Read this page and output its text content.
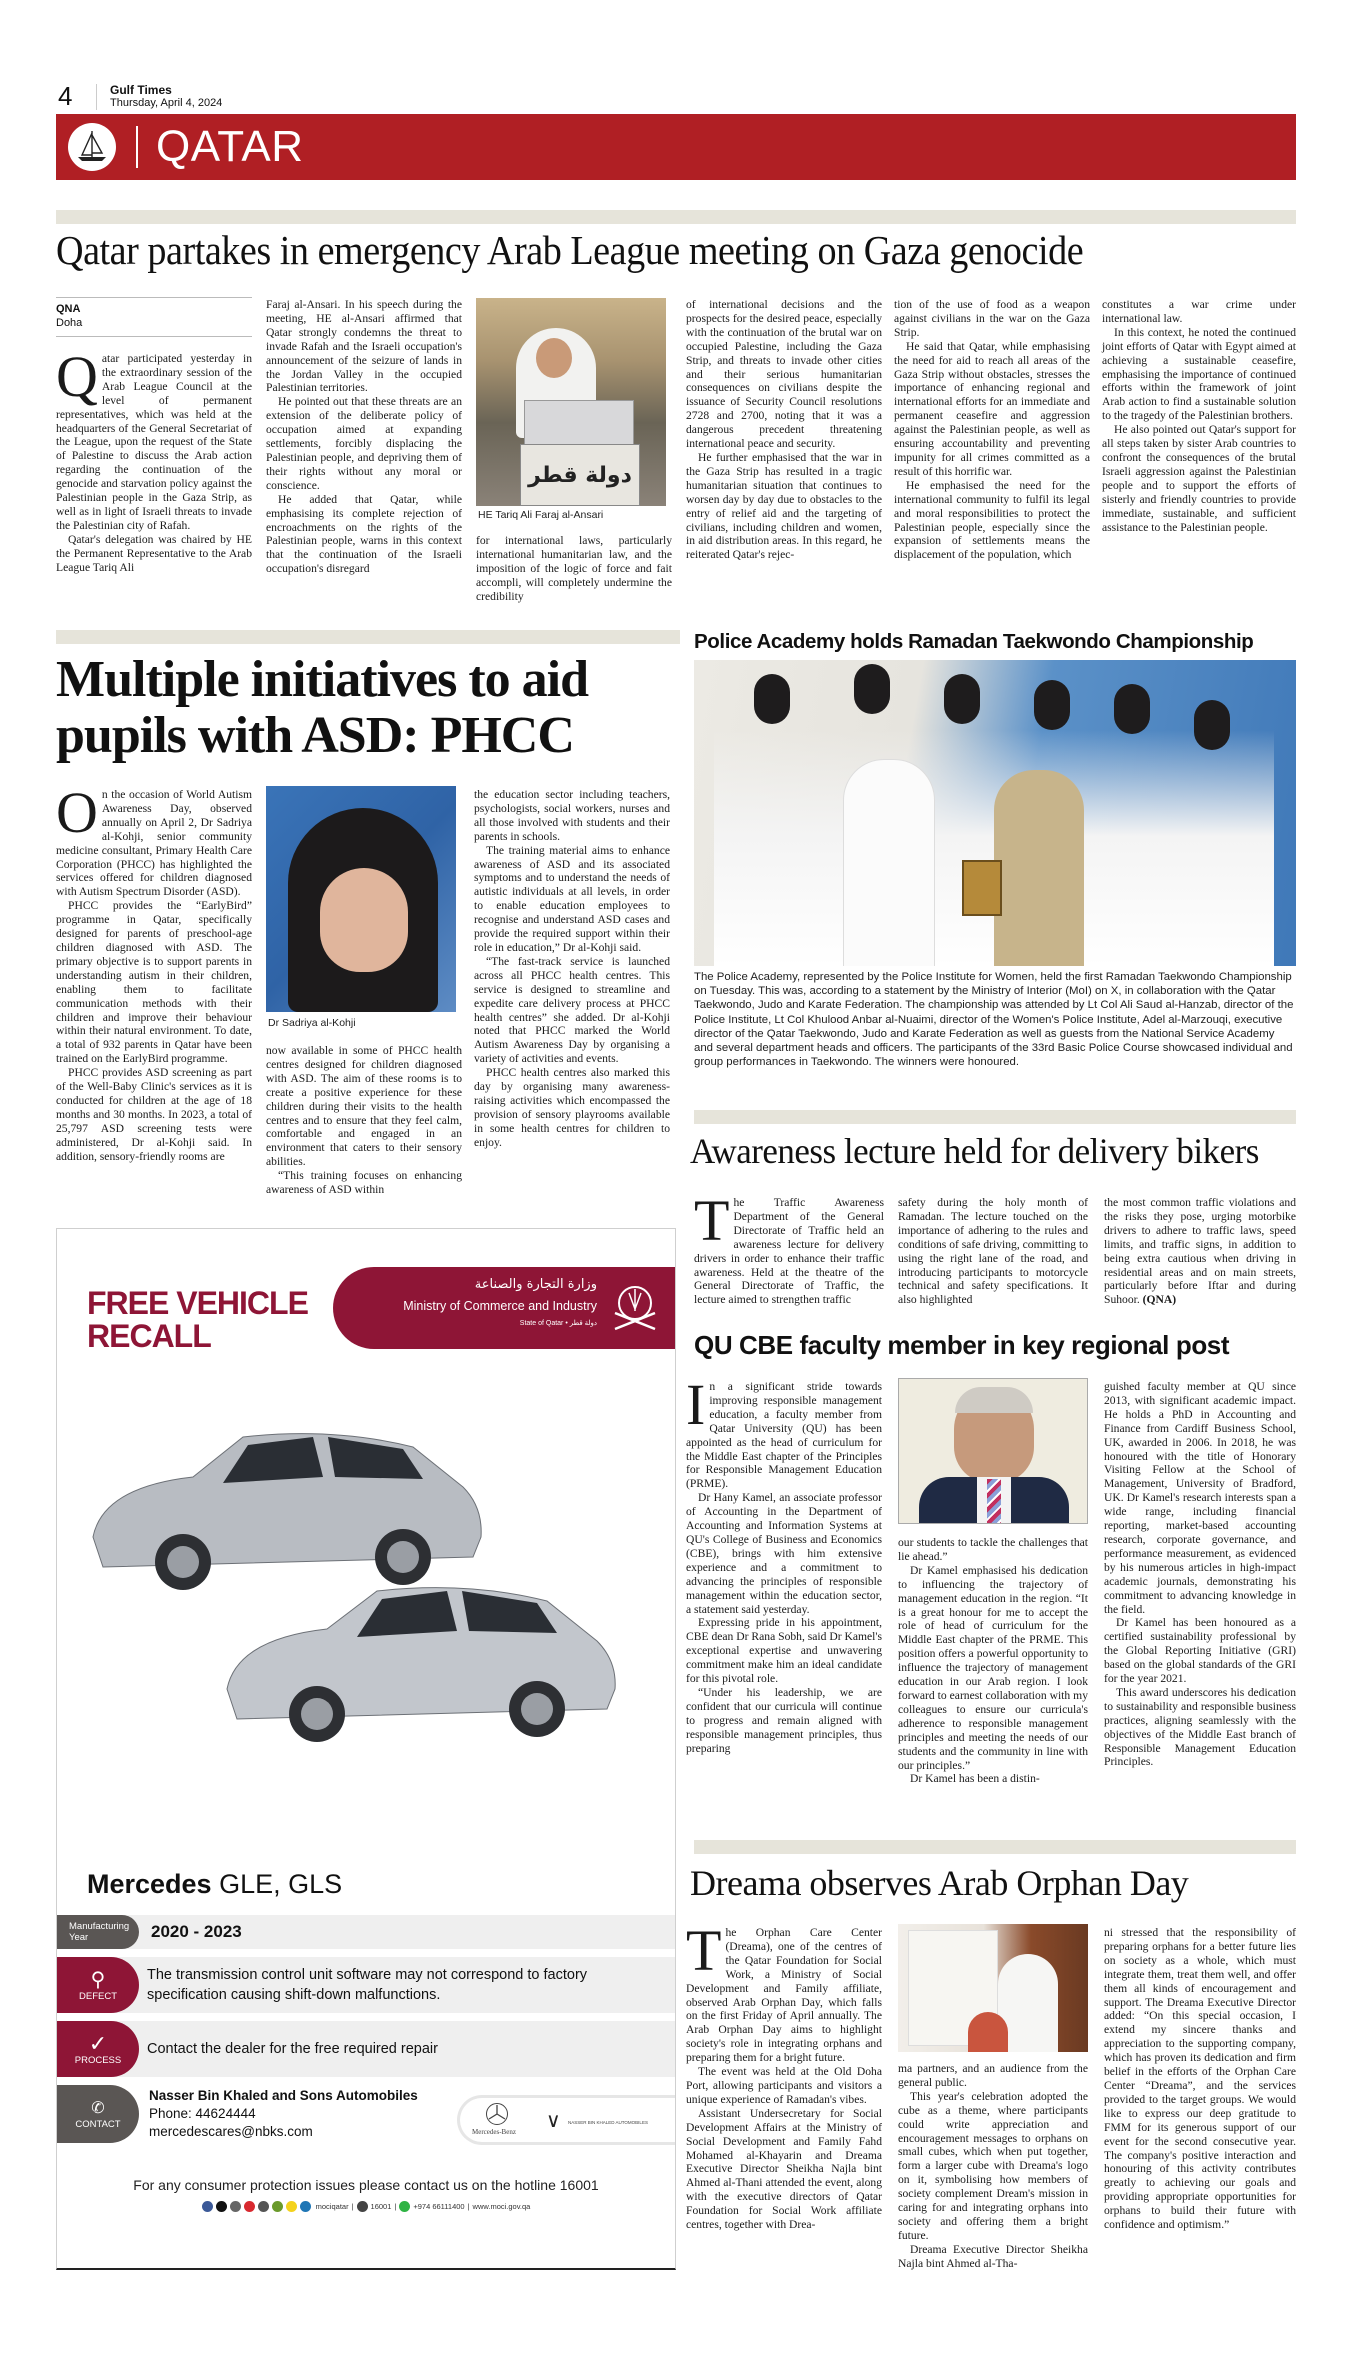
4	Gulf Times
Thursday, April 4, 2024
QATAR
Qatar partakes in emergency Arab League meeting on Gaza genocide
QNA
Doha
Q atar participated yesterday in the extraordinary session of the Arab League Council at the level of permanent representatives, which was held at the headquarters of the General Secretariat of the League, upon the request of the State of Palestine to discuss the Arab action regarding the continuation of the genocide and starvation policy against the Palestinian people in the Gaza Strip, as well as in light of Israeli threats to invade the Palestinian city of Rafah.

Qatar's delegation was chaired by HE the Permanent Representative to the Arab League Tariq Ali

Faraj al-Ansari. In his speech during the meeting, HE al-Ansari affirmed that Qatar strongly condemns the threat to invade Rafah and the Israeli occupation's announcement of the seizure of lands in the Jordan Valley in the occupied Palestinian territories.

He pointed out that these threats are an extension of the deliberate policy of occupation aimed at expanding settlements, forcibly displacing the Palestinian people, and depriving them of their rights without any moral or conscience.

He added that Qatar, while emphasising its complete rejection of encroachments on the rights of the Palestinian people, warns in this context that the continuation of the Israeli occupation's disregard

دولة قطر
HE Tariq Ali Faraj al-Ansari

for international laws, particularly international humanitarian law, and the imposition of the logic of force and fait accompli, will completely undermine the credibility

of international decisions and the prospects for the desired peace, especially with the continuation of the brutal war on occupied Palestine, including the Gaza Strip, and threats to invade other cities and their serious humanitarian consequences on civilians despite the issuance of Security Council resolutions 2728 and 2700, noting that it was a dangerous precedent threatening international peace and security.

He further emphasised that the war in the Gaza Strip has resulted in a tragic humanitarian situation that continues to worsen day by day due to obstacles to the entry of relief aid and the targeting of civilians, including children and women, in aid distribution areas. In this regard, he reiterated Qatar's rejec-

tion of the use of food as a weapon against civilians in the war on the Gaza Strip.

He said that Qatar, while emphasising the need for aid to reach all areas of the Gaza Strip without obstacles, stresses the importance of enhancing regional and international efforts for an immediate and permanent ceasefire and aggression against the Palestinian people, as well as ensuring accountability and preventing impunity for all crimes committed as a result of this horrific war.

He emphasised the need for the international community to fulfil its legal and moral responsibilities to protect the Palestinian people, especially since the expansion of settlements means the displacement of the population, which

constitutes a war crime under international law.

In this context, he noted the continued joint efforts of Qatar with Egypt aimed at achieving a sustainable ceasefire, emphasising the importance of continued efforts within the framework of joint Arab action to find a sustainable solution to the tragedy of the Palestinian brothers.

He also pointed out Qatar's support for all steps taken by sister Arab countries to confront the consequences of the brutal Israeli aggression against the Palestinian people and to support the efforts of sisterly and friendly countries to provide immediate, sustainable, and sufficient assistance to the Palestinian people.

Multiple initiatives to aid
pupils with ASD: PHCC
O n the occasion of World Autism Awareness Day, observed annually on April 2, Dr Sadriya al-Kohji, senior community medicine consultant, Primary Health Care Corporation (PHCC) has highlighted the services offered for children diagnosed with Autism Spectrum Disorder (ASD).

PHCC provides the “EarlyBird” programme in Qatar, specifically designed for parents of preschool-age children diagnosed with ASD. The primary objective is to support parents in understanding autism in their children, enabling them to facilitate communication methods with their children and improve their behaviour within their natural environment. To date, a total of 932 parents in Qatar have been trained on the EarlyBird programme.

PHCC provides ASD screening as part of the Well-Baby Clinic's services as it is conducted for children at the age of 18 months and 30 months. In 2023, a total of 25,797 ASD screening tests were administered, Dr al-Kohji said. In addition, sensory-friendly rooms are

Dr Sadriya al-Kohji

now available in some of PHCC health centres designed for children diagnosed with ASD. The aim of these rooms is to create a positive experience for these children during their visits to the health centres and to ensure that they feel calm, comfortable and engaged in an environment that caters to their sensory abilities.

“This training focuses on enhancing awareness of ASD within

the education sector including teachers, psychologists, social workers, nurses and all those involved with students and their parents in schools.

The training material aims to enhance awareness of ASD and its associated symptoms and to understand the needs of autistic individuals at all levels, in order to enable education employees to recognise and understand ASD cases and provide the required support within their role in education,” Dr al-Kohji said.

“The fast-track service is launched across all PHCC health centres. This service is designed to streamline and expedite care delivery process at PHCC health centres” she added. Dr al-Kohji noted that PHCC marked the World Autism Awareness Day by organising a variety of activities and events.

PHCC health centres also marked this day by organising many awareness-raising activities which encompassed the provision of sensory playrooms available in some health centres for children to enjoy.

Police Academy holds Ramadan Taekwondo Championship
The Police Academy, represented by the Police Institute for Women, held the first Ramadan Taekwondo Championship on Tuesday. This was, according to a statement by the Ministry of Interior (MoI) on X, in collaboration with the Qatar Taekwondo, Judo and Karate Federation. The championship was attended by Lt Col Ali Saud al-Hanzab, director of the Police Institute, Lt Col Khulood Anbar al-Nuaimi, director of the Women's Police Institute, Adel al-Marzouqi, executive director of the Qatar Taekwondo, Judo and Karate Federation as well as guests from the National Service Academy and several department heads and officers. The participants of the 33rd Basic Police Course showcased individual and group performances in Taekwondo. The winners were honoured.
Awareness lecture held for delivery bikers
T he Traffic Awareness Department of the General Directorate of Traffic held an awareness lecture for delivery drivers in order to enhance their traffic awareness. Held at the theatre of the General Directorate of Traffic, the lecture aimed to strengthen traffic

safety during the holy month of Ramadan. The lecture touched on the importance of adhering to the rules and conditions of safe driving, committing to using the right lane of the road, and introducing participants to motorcycle technical and safety specifications. It also highlighted

the most common traffic violations and the risks they pose, urging motorbike drivers to adhere to traffic laws, speed limits, and traffic signs, in addition to being extra cautious when driving in residential areas and on main streets, particularly before Iftar and during Suhoor. (QNA)

QU CBE faculty member in key regional post
I n a significant stride towards improving responsible management education, a faculty member from Qatar University (QU) has been appointed as the head of curriculum for the Middle East chapter of the Principles for Responsible Management Education (PRME).

Dr Hany Kamel, an associate professor of Accounting in the Department of Accounting and Information Systems at QU's College of Business and Economics (CBE), brings with him extensive experience and a commitment to advancing the principles of responsible management within the education sector, a statement said yesterday.

Expressing pride in his appointment, CBE dean Dr Rana Sobh, said Dr Kamel's exceptional expertise and unwavering commitment make him an ideal candidate for this pivotal role.

“Under his leadership, we are confident that our curricula will continue to progress and remain aligned with responsible management principles, thus preparing

our students to tackle the challenges that lie ahead.”

Dr Kamel emphasised his dedication to influencing the trajectory of management education in the region. “It is a great honour for me to accept the role of head of curriculum for the Middle East chapter of the PRME. This position offers a powerful opportunity to influence the trajectory of management education in our Arab region. I look forward to earnest collaboration with my colleagues to ensure our curricula's adherence to responsible management principles and meeting the needs of our students and the community in line with our principles.”

Dr Kamel has been a distin-

guished faculty member at QU since 2013, with significant academic impact. He holds a PhD in Accounting and Finance from Cardiff Business School, UK, awarded in 2006. In 2018, he was honoured with the title of Honorary Visiting Fellow at the School of Management, University of Bradford, UK. Dr Kamel's research interests span a wide range, including financial reporting, market-based accounting research, corporate governance, and performance measurement, as evidenced by his numerous articles in high-impact academic journals, demonstrating his commitment to advancing knowledge in the field.

Dr Kamel has been honoured as a certified sustainability professional by the Global Reporting Initiative (GRI) based on the global standards of the GRI for the year 2021.

This award underscores his dedication to sustainability and responsible business practices, aligning seamlessly with the objectives of the Middle East branch of Responsible Management Education Principles.

Dreama observes Arab Orphan Day
T he Orphan Care Center (Dreama), one of the centres of the Qatar Foundation for Social Work, a Ministry of Social Development and Family affiliate, observed Arab Orphan Day, which falls on the first Friday of April annually. The Arab Orphan Day aims to highlight society's role in integrating orphans and preparing them for a bright future.

The event was held at the Old Doha Port, allowing participants and visitors a unique experience of Ramadan's vibes.

Assistant Undersecretary for Social Development Affairs at the Ministry of Social Development and Family Fahd Mohamed al-Khayarin and Dreama Executive Director Sheikha Najla bint Ahmed al-Thani attended the event, along with the executive directors of Qatar Foundation for Social Work affiliate centres, together with Drea-

ma partners, and an audience from the general public.

This year's celebration adopted the cube as a theme, where participants could write appreciation and encouragement messages to orphans on small cubes, which when put together, form a larger cube with Dreama's logo on it, symbolising how members of society complement Dream's mission in caring for and integrating orphans into society and offering them a bright future.

Dreama Executive Director Sheikha Najla bint Ahmed al-Tha-

ni stressed that the responsibility of preparing orphans for a better future lies on society as a whole, which must integrate them, treat them well, and offer them all kinds of encouragement and support. The Dreama Executive Director added: “On this special occasion, I extend my sincere thanks and appreciation to the supporting company, which has proven its dedication and firm belief in the efforts of the Orphan Care Center “Dreama”, and the services provided to the target groups. We would like to express our deep gratitude to FMM for its generous support of our event for the second consecutive year. The company's positive interaction and honouring of this activity contributes greatly to achieving our goals and providing appropriate opportunities for orphans to build their future with confidence and optimism.”

FREE VEHICLE
RECALL
وزارة التجارة والصناعة
Ministry of Commerce and Industry
State of Qatar • دولة قطر
Mercedes GLE, GLS
Manufacturing
Year	2020 - 2023
⚲
DEFECT
The transmission control unit software may not correspond to factory specification causing shift-down malfunctions.
✓
PROCESS
Contact the dealer for the free required repair
✆
CONTACT
Nasser Bin Khaled and Sons Automobiles
Phone: 44624444
mercedescares@nbks.com	Mercedes-Benz ∨ NASSER BIN KHALED AUTOMOBILES
For any consumer protection issues please contact us on the hotline 16001
mociqatar | 16001 | +974 66111400 | www.moci.gov.qa
